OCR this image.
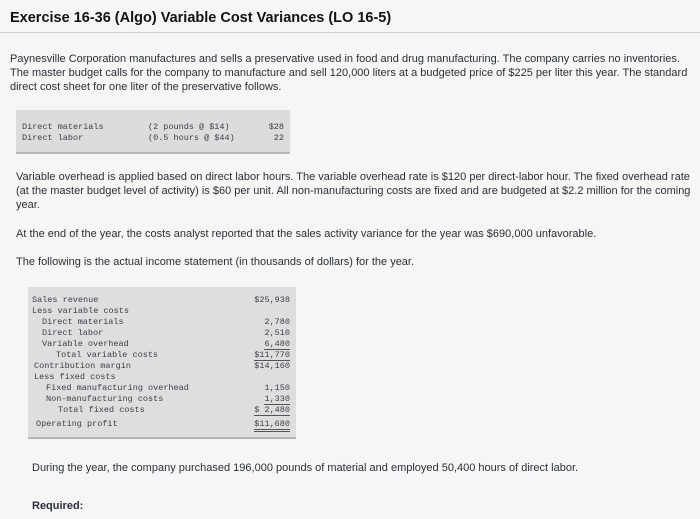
Exercise 16-36 (Algo) Variable Cost Variances (LO 16-5)

Paynesville Corporation manufactures and sells a preservative used in food and drug manufacturing. The company carries no inventories. The master budget calls for the company to manufacture and sell 120,000 liters at a budgeted price of $225 per liter this year. The standard direct cost sheet for one liter of the preservative follows.

Direct materials	(2 pounds @ $14)	$28
Direct labor	(0.5 hours @ $44)	22

Variable overhead is applied based on direct labor hours. The variable overhead rate is $120 per direct-labor hour. The fixed overhead rate (at the master budget level of activity) is $60 per unit. All non-manufacturing costs are fixed and are budgeted at $2.2 million for the coming year.

At the end of the year, the costs analyst reported that the sales activity variance for the year was $690,000 unfavorable.

The following is the actual income statement (in thousands of dollars) for the year.

Sales revenue	$25,938
Less variable costs
Direct materials	2,780
Direct labor	2,510
Variable overhead	6,480
Total variable costs	$11,770
Contribution margin	$14,160
Less fixed costs
Fixed manufacturing overhead	1,150
Non-manufacturing costs	1,330
Total fixed costs	$ 2,480
Operating profit	$11,680

During the year, the company purchased 196,000 pounds of material and employed 50,400 hours of direct labor.

Required:
